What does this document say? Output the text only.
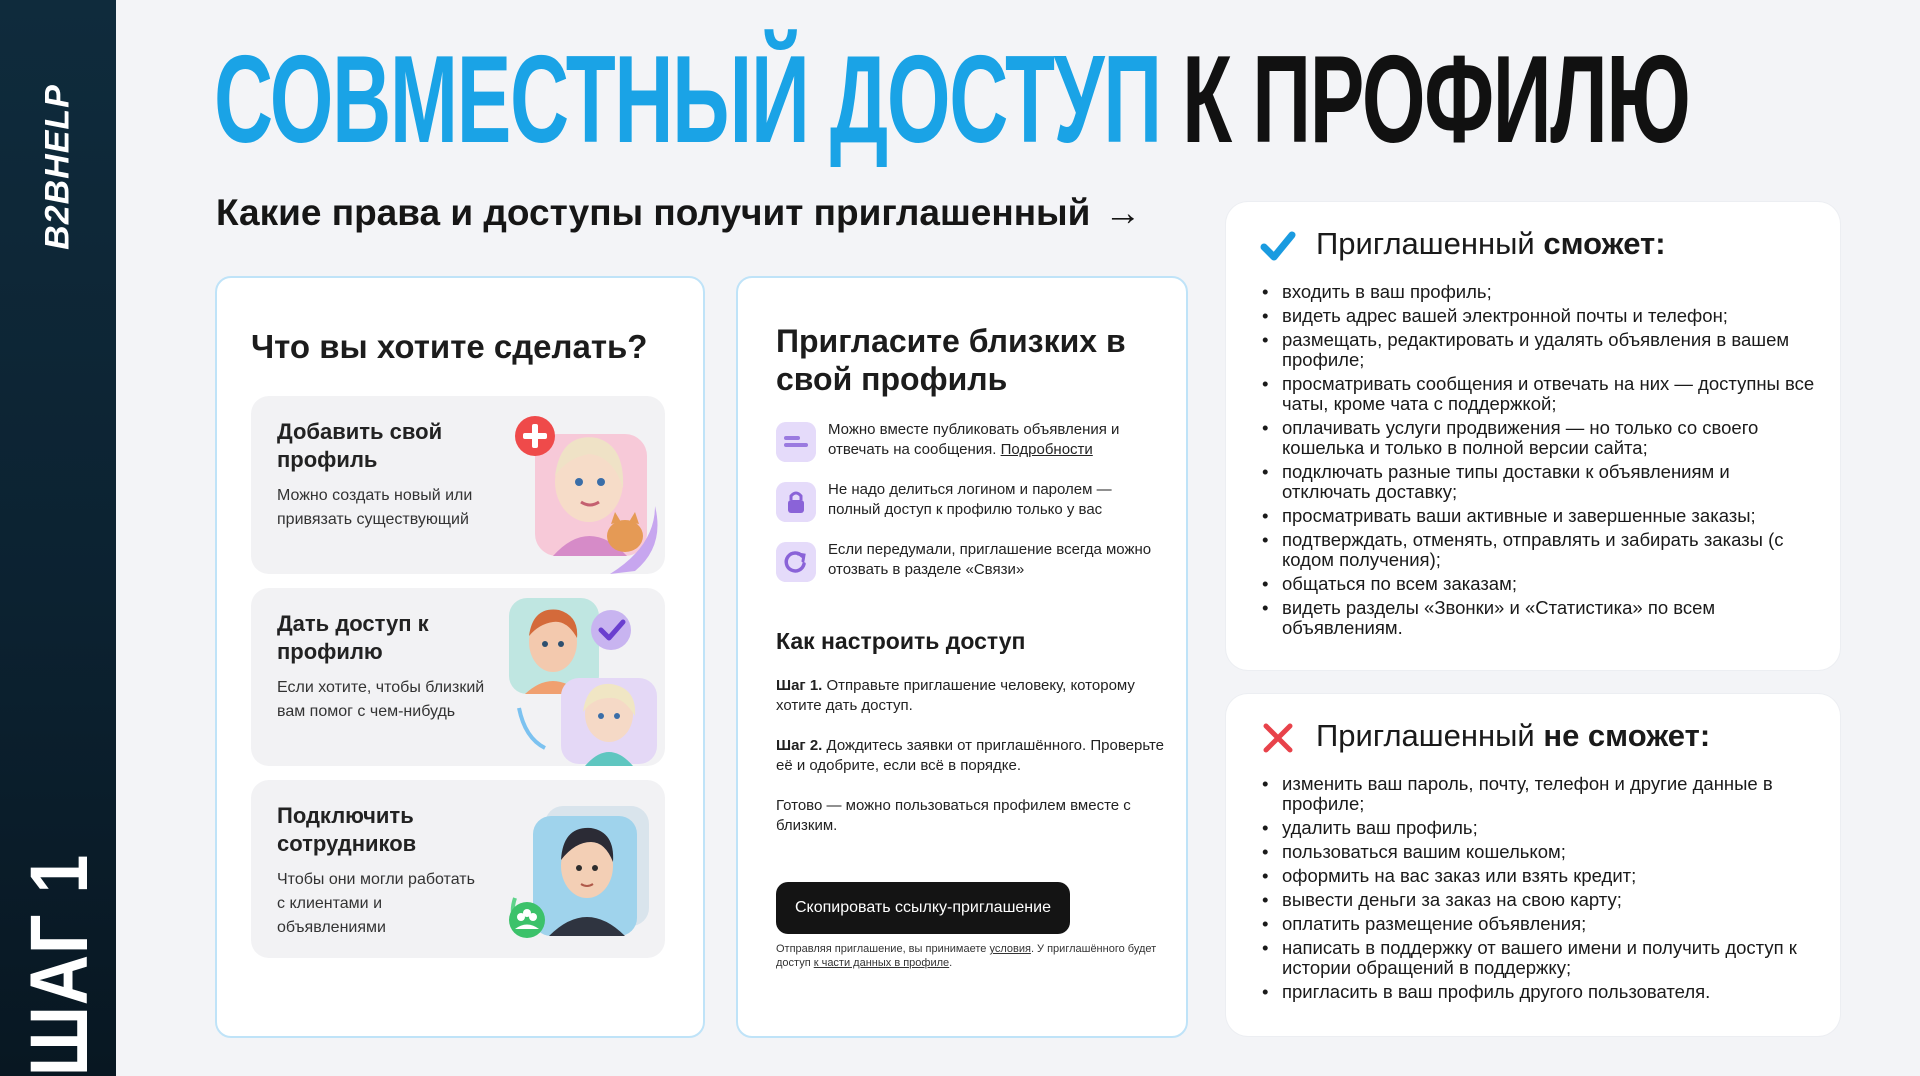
B2BHELP
ШАГ 1
СОВМЕСТНЫЙ ДОСТУП К ПРОФИЛЮ
Какие права и доступы получит приглашенный →
Что вы хотите сделать?
Добавить свой профиль
Можно создать новый или привязать существующий
Дать доступ к профилю
Если хотите, чтобы близкий вам помог с чем-нибудь
Подключить сотрудников
Чтобы они могли работать с клиентами и объявлениями
Пригласите близких в свой профиль
Можно вместе публиковать объявления и отвечать на сообщения. Подробности
Не надо делиться логином и паролем — полный доступ к профилю только у вас
Если передумали, приглашение всегда можно отозвать в разделе «Связи»
Как настроить доступ
Шаг 1. Отправьте приглашение человеку, которому хотите дать доступ.
Шаг 2. Дождитесь заявки от приглашённого. Проверьте её и одобрите, если всё в порядке.
Готово — можно пользоваться профилем вместе с близким.
Скопировать ссылку-приглашение
Отправляя приглашение, вы принимаете условия. У приглашённого будет доступ к части данных в профиле.
Приглашенный сможет:
• входить в ваш профиль;
• видеть адрес вашей электронной почты и телефон;
• размещать, редактировать и удалять объявления в вашем профиле;
• просматривать сообщения и отвечать на них — доступны все чаты, кроме чата с поддержкой;
• оплачивать услуги продвижения — но только со своего кошелька и только в полной версии сайта;
• подключать разные типы доставки к объявлениям и отключать доставку;
• просматривать ваши активные и завершенные заказы;
• подтверждать, отменять, отправлять и забирать заказы (с кодом получения);
• общаться по всем заказам;
• видеть разделы «Звонки» и «Статистика» по всем объявлениям.
Приглашенный не сможет:
• изменить ваш пароль, почту, телефон и другие данные в профиле;
• удалить ваш профиль;
• пользоваться вашим кошельком;
• оформить на вас заказ или взять кредит;
• вывести деньги за заказ на свою карту;
• оплатить размещение объявления;
• написать в поддержку от вашего имени и получить доступ к истории обращений в поддержку;
• пригласить в ваш профиль другого пользователя.
